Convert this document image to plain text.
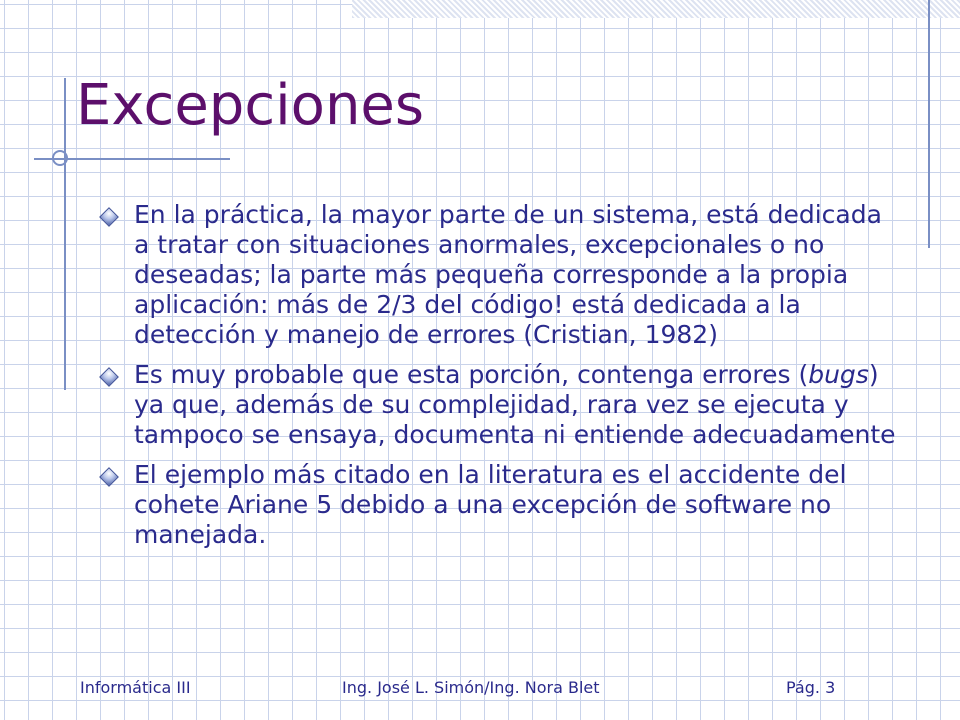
Excepciones

En la práctica, la mayor parte de un sistema, está dedicada a tratar con situaciones anormales, excepcionales o no deseadas; la parte más pequeña corresponde a la propia aplicación: más de 2/3 del código! está dedicada a la detección y manejo de errores (Cristian, 1982)

Es muy probable que esta porción, contenga errores (bugs) ya que, además de su complejidad, rara vez se ejecuta y tampoco se ensaya, documenta ni entiende adecuadamente

El ejemplo más citado en la literatura es el accidente del cohete Ariane 5 debido a una excepción de software no manejada.

Informática III	Ing. José L. Simón/Ing. Nora Blet	Pág. 3
